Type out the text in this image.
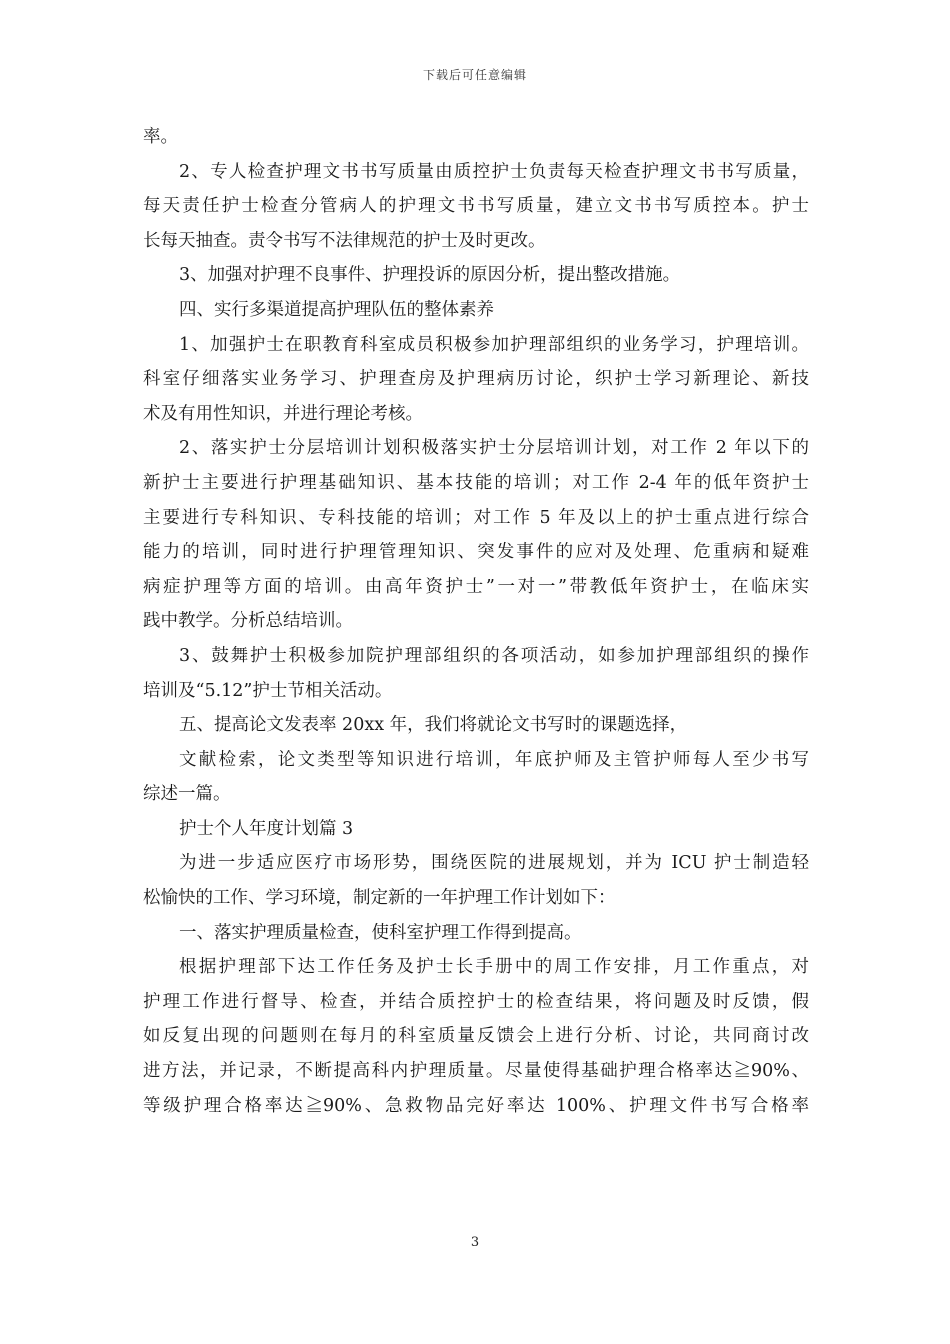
下载后可任意编辑
率。
2、专人检查护理文书书写质量由质控护士负责每天检查护理文书书写质量，
每天责任护士检查分管病人的护理文书书写质量，建立文书书写质控本。护士
长每天抽查。责令书写不法律规范的护士及时更改。
3、加强对护理不良事件、护理投诉的原因分析，提出整改措施。
四、实行多渠道提高护理队伍的整体素养
1、加强护士在职教育科室成员积极参加护理部组织的业务学习，护理培训。
科室仔细落实业务学习、护理查房及护理病历讨论，织护士学习新理论、新技
术及有用性知识，并进行理论考核。
2、落实护士分层培训计划积极落实护士分层培训计划，对工作 2 年以下的
新护士主要进行护理基础知识、基本技能的培训；对工作 2-4 年的低年资护士
主要进行专科知识、专科技能的培训；对工作 5 年及以上的护士重点进行综合
能力的培训，同时进行护理管理知识、突发事件的应对及处理、危重病和疑难
病症护理等方面的培训。由高年资护士”一对一”带教低年资护士，在临床实
践中教学。分析总结培训。
3、鼓舞护士积极参加院护理部组织的各项活动，如参加护理部组织的操作
培训及“5.12”护士节相关活动。
五、提高论文发表率 20xx 年，我们将就论文书写时的课题选择，
文献检索，论文类型等知识进行培训，年底护师及主管护师每人至少书写
综述一篇。
护士个人年度计划篇 3
为进一步适应医疗市场形势，围绕医院的进展规划，并为 ICU 护士制造轻
松愉快的工作、学习环境，制定新的一年护理工作计划如下：
一、落实护理质量检查，使科室护理工作得到提高。
根据护理部下达工作任务及护士长手册中的周工作安排，月工作重点，对
护理工作进行督导、检查，并结合质控护士的检查结果，将问题及时反馈，假
如反复出现的问题则在每月的科室质量反馈会上进行分析、讨论，共同商讨改
进方法，并记录，不断提高科内护理质量。尽量使得基础护理合格率达≧90%、
等级护理合格率达≧90%、急救物品完好率达 100%、护理文件书写合格率
3
